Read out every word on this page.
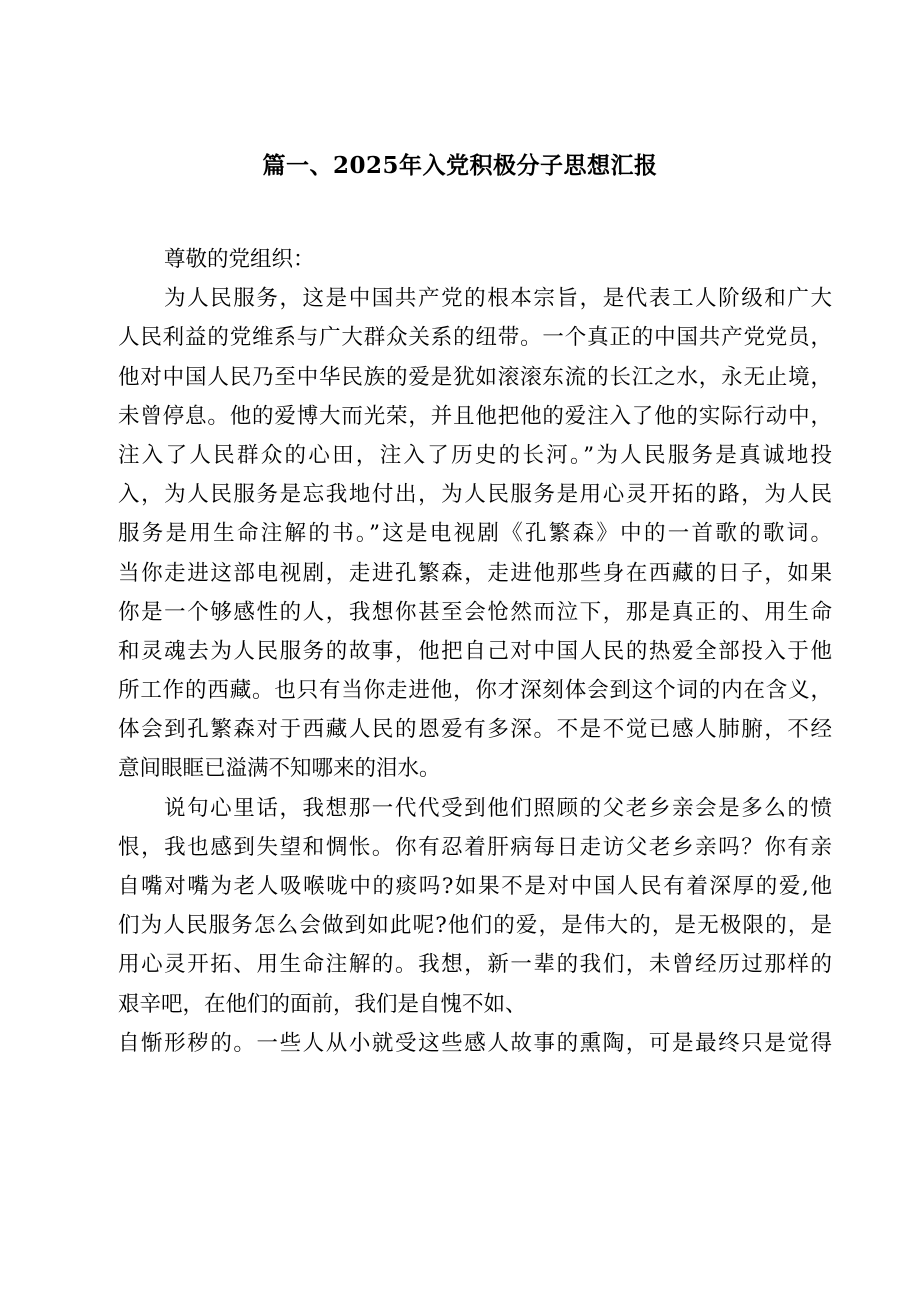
篇一、2025年入党积极分子思想汇报
尊敬的党组织：
为人民服务，这是中国共产党的根本宗旨，是代表工人阶级和广大
人民利益的党维系与广大群众关系的纽带。一个真正的中国共产党党员，
他对中国人民乃至中华民族的爱是犹如滚滚东流的长江之水，永无止境，
未曾停息。他的爱博大而光荣，并且他把他的爱注入了他的实际行动中，
注入了人民群众的心田，注入了历史的长河。”为人民服务是真诚地投
入，为人民服务是忘我地付出，为人民服务是用心灵开拓的路，为人民
服务是用生命注解的书。”这是电视剧《孔繁森》中的一首歌的歌词。
当你走进这部电视剧，走进孔繁森，走进他那些身在西藏的日子，如果
你是一个够感性的人，我想你甚至会怆然而泣下，那是真正的、用生命
和灵魂去为人民服务的故事，他把自己对中国人民的热爱全部投入于他
所工作的西藏。也只有当你走进他，你才深刻体会到这个词的内在含义，
体会到孔繁森对于西藏人民的恩爱有多深。不是不觉已感人肺腑，不经
意间眼眶已溢满不知哪来的泪水。
说句心里话，我想那一代代受到他们照顾的父老乡亲会是多么的愤
恨，我也感到失望和惆怅。你有忍着肝病每日走访父老乡亲吗？你有亲
自嘴对嘴为老人吸喉咙中的痰吗?如果不是对中国人民有着深厚的爱,他
们为人民服务怎么会做到如此呢?他们的爱，是伟大的，是无极限的，是
用心灵开拓、用生命注解的。我想，新一辈的我们，未曾经历过那样的
艰辛吧，在他们的面前，我们是自愧不如、
自惭形秽的。一些人从小就受这些感人故事的熏陶，可是最终只是觉得
